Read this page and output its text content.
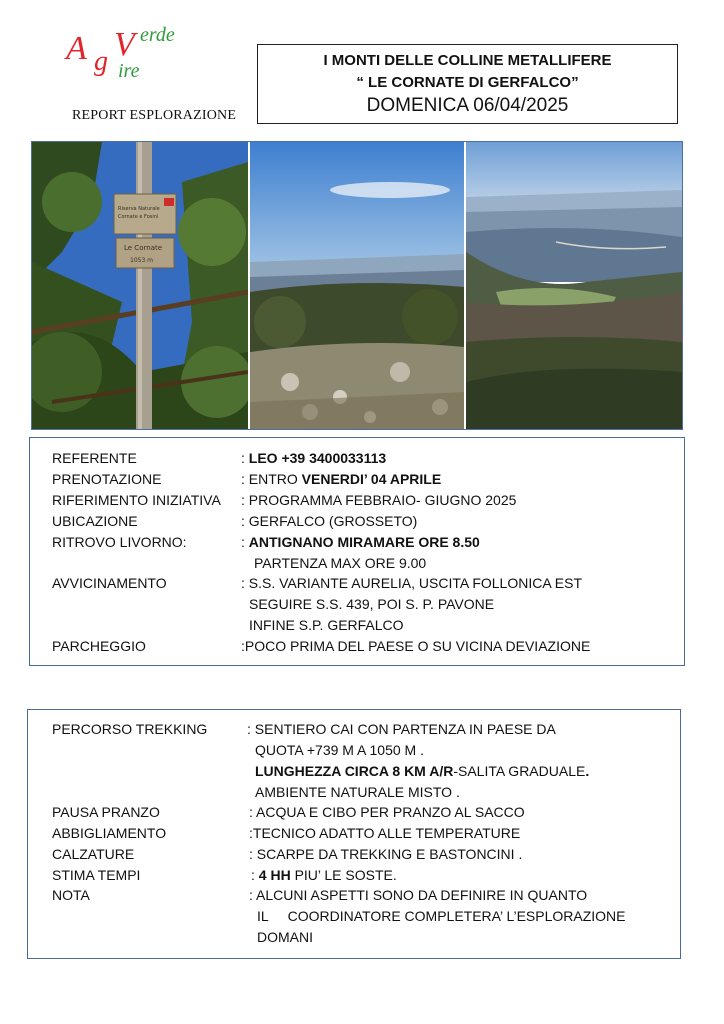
A g V erde
ire
REPORT ESPLORAZIONE
I MONTI DELLE COLLINE METALLIFERE
“ LE CORNATE DI GERFALCO”
DOMENICA 06/04/2025
Riserva Naturale
Cornate e Fosini
Le Cornate
1053 m
REFERENTE	: LEO +39 3400033113
PRENOTAZIONE	: ENTRO VENERDI’ 04 APRILE
RIFERIMENTO INIZIATIVA : PROGRAMMA FEBBRAIO- GIUGNO 2025
UBICAZIONE	: GERFALCO (GROSSETO)
RITROVO LIVORNO:	: ANTIGNANO MIRAMARE ORE 8.50
PARTENZA MAX ORE 9.00
AVVICINAMENTO	: S.S. VARIANTE AURELIA, USCITA FOLLONICA EST
SEGUIRE S.S. 439, POI S. P. PAVONE
INFINE S.P. GERFALCO
PARCHEGGIO	:POCO PRIMA DEL PAESE O SU VICINA DEVIAZIONE
PERCORSO TREKKING	: SENTIERO CAI CON PARTENZA IN PAESE DA
QUOTA +739 M A 1050 M .
LUNGHEZZA CIRCA 8 KM A/R-SALITA GRADUALE.
AMBIENTE NATURALE MISTO .
PAUSA PRANZO	: ACQUA E CIBO PER PRANZO AL SACCO
ABBIGLIAMENTO	:TECNICO ADATTO ALLE TEMPERATURE
CALZATURE	: SCARPE DA TREKKING E BASTONCINI .
STIMA TEMPI	: 4 HH PIU’ LE SOSTE.
NOTA	: ALCUNI ASPETTI SONO DA DEFINIRE IN QUANTO
IL     COORDINATORE COMPLETERA’ L’ESPLORAZIONE
DOMANI
